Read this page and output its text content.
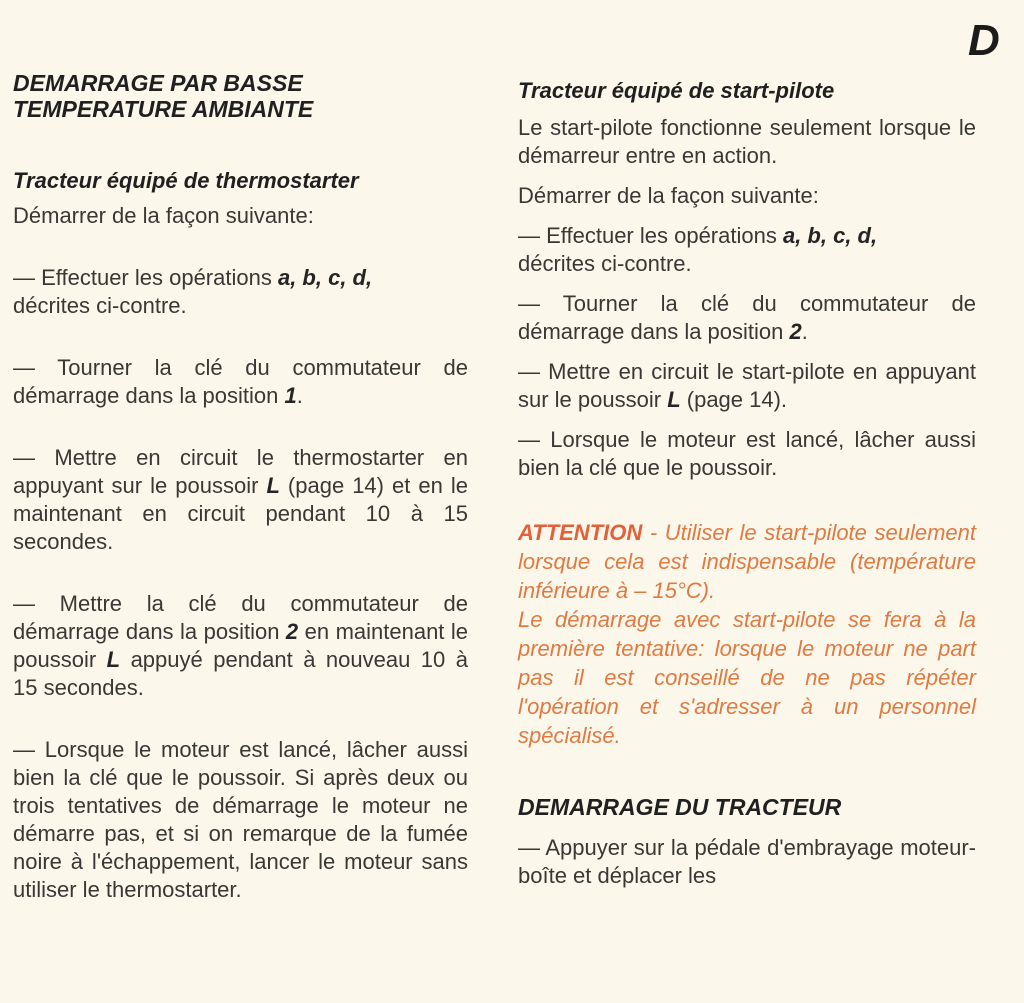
D
DEMARRAGE PAR BASSE
TEMPERATURE AMBIANTE
Tracteur équipé de thermostarter

Démarrer de la façon suivante:

— Effectuer les opérations a, b, c, d,
décrites ci-contre.

— Tourner la clé du commutateur de démarrage dans la position 1.

— Mettre en circuit le thermostarter en appuyant sur le poussoir L (page 14) et en le maintenant en circuit pendant 10 à 15 secondes.

— Mettre la clé du commutateur de démarrage dans la position 2 en maintenant le poussoir L appuyé pendant à nouveau 10 à 15 secondes.

— Lorsque le moteur est lancé, lâcher aussi bien la clé que le poussoir. Si après deux ou trois tentatives de démarrage le moteur ne démarre pas, et si on remarque de la fumée noire à l'échappement, lancer le moteur sans utiliser le thermostarter.

Tracteur équipé de start-pilote

Le start-pilote fonctionne seulement lorsque le démarreur entre en action.

Démarrer de la façon suivante:

— Effectuer les opérations a, b, c, d,
décrites ci-contre.

— Tourner la clé du commutateur de démarrage dans la position 2.

— Mettre en circuit le start-pilote en appuyant sur le poussoir L (page 14).

— Lorsque le moteur est lancé, lâcher aussi bien la clé que le poussoir.

ATTENTION - Utiliser le start-pilote seulement lorsque cela est indispensable (température inférieure à – 15°C).

Le démarrage avec start-pilote se fera à la première tentative: lorsque le moteur ne part pas il est conseillé de ne pas répéter l'opération et s'adresser à un personnel spécialisé.

DEMARRAGE DU TRACTEUR

— Appuyer sur la pédale d'embrayage moteur-boîte et déplacer les
